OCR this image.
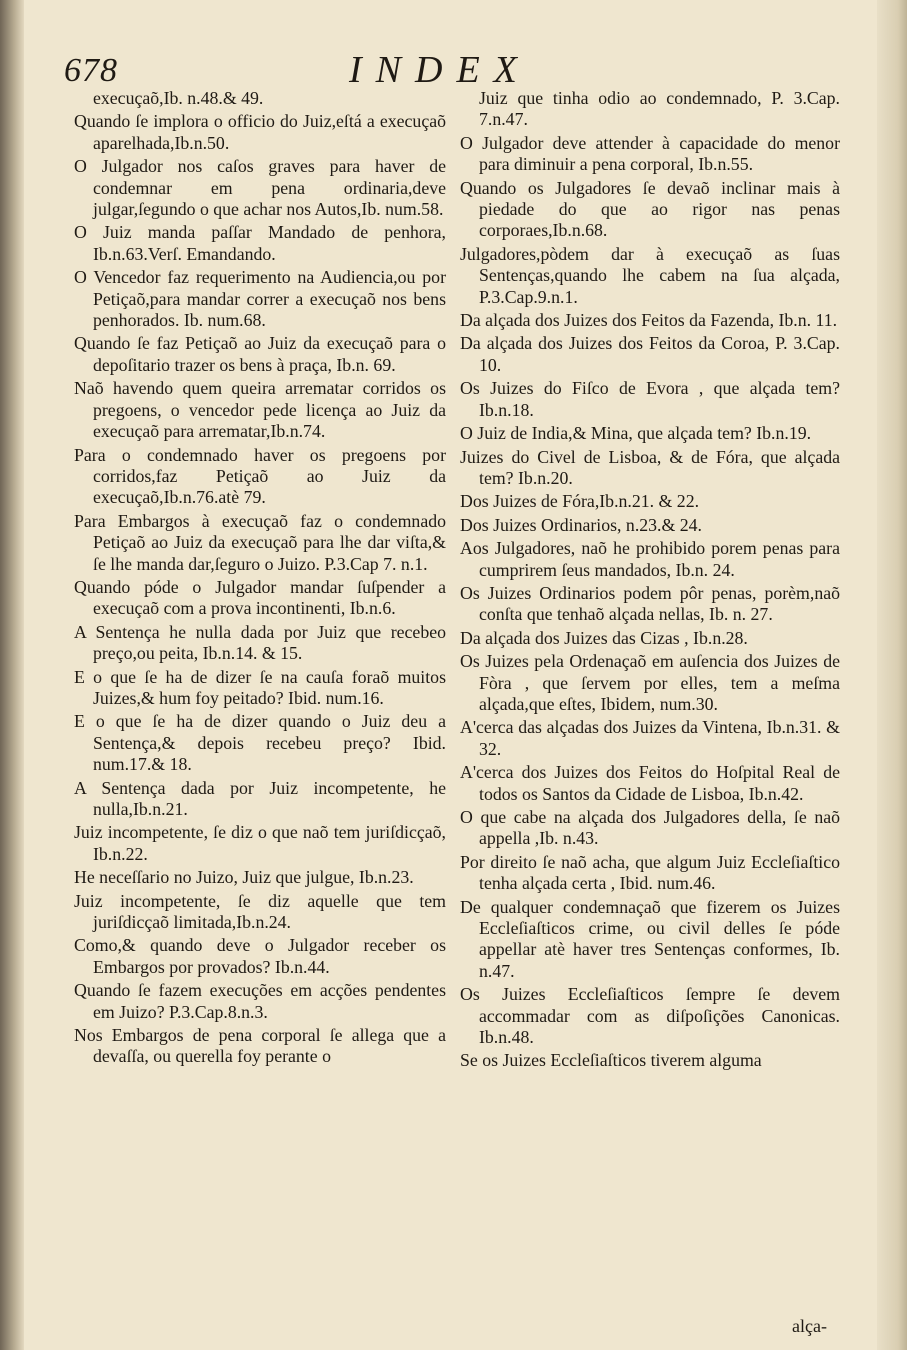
678	INDEX
execuçaõ,Ib. n.48.& 49.
Quando ſe implora o officio do Juiz,eſtá a execuçaõ aparelhada,Ib.n.50.
O Julgador nos caſos graves para haver de condemnar em pena ordinaria,deve julgar,ſegundo o que achar nos Autos,Ib. num.58.
O Juiz manda paſſar Mandado de penhora, Ib.n.63.Verſ. Emandando.
O Vencedor faz requerimento na Audiencia,ou por Petiçaõ,para mandar correr a execuçaõ nos bens penhorados. Ib. num.68.
Quando ſe faz Petiçaõ ao Juiz da execuçaõ para o depoſitario trazer os bens à praça, Ib.n. 69.
Naõ havendo quem queira arrematar corridos os pregoens, o vencedor pede licença ao Juiz da execuçaõ para arrematar,Ib.n.74.
Para o condemnado haver os pregoens por corridos,faz Petiçaõ ao Juiz da execuçaõ,Ib.n.76.atè 79.
Para Embargos à execuçaõ faz o condemnado Petiçaõ ao Juiz da execuçaõ para lhe dar viſta,& ſe lhe manda dar,ſeguro o Juizo. P.3.Cap 7. n.1.
Quando póde o Julgador mandar ſuſpender a execuçaõ com a prova incontinenti, Ib.n.6.
A Sentença he nulla dada por Juiz que recebeo preço,ou peita, Ib.n.14. & 15.
E o que ſe ha de dizer ſe na cauſa foraõ muitos Juizes,& hum foy peitado? Ibid. num.16.
E o que ſe ha de dizer quando o Juiz deu a Sentença,& depois recebeu preço? Ibid. num.17.& 18.
A Sentença dada por Juiz incompetente, he nulla,Ib.n.21.
Juiz incompetente, ſe diz o que naõ tem juriſdicçaõ, Ib.n.22.
He neceſſario no Juizo, Juiz que julgue, Ib.n.23.
Juiz incompetente, ſe diz aquelle que tem juriſdicçaõ limitada,Ib.n.24.
Como,& quando deve o Julgador receber os Embargos por provados? Ib.n.44.
Quando ſe fazem execuções em acções pendentes em Juizo? P.3.Cap.8.n.3.
Nos Embargos de pena corporal ſe allega que a devaſſa, ou querella foy perante o
Juiz que tinha odio ao condemnado, P. 3.Cap. 7.n.47.
O Julgador deve attender à capacidade do menor para diminuir a pena corporal, Ib.n.55.
Quando os Julgadores ſe devaõ inclinar mais à piedade do que ao rigor nas penas corporaes,Ib.n.68.
Julgadores,pòdem dar à execuçaõ as ſuas Sentenças,quando lhe cabem na ſua alçada, P.3.Cap.9.n.1.
Da alçada dos Juizes dos Feitos da Fazenda, Ib.n. 11.
Da alçada dos Juizes dos Feitos da Coroa, P. 3.Cap. 10.
Os Juizes do Fiſco de Evora , que alçada tem? Ib.n.18.
O Juiz de India,& Mina, que alçada tem? Ib.n.19.
Juizes do Civel de Lisboa, & de Fóra, que alçada tem? Ib.n.20.
Dos Juizes de Fóra,Ib.n.21. & 22.
Dos Juizes Ordinarios, n.23.& 24.
Aos Julgadores, naõ he prohibido porem penas para cumprirem ſeus mandados, Ib.n. 24.
Os Juizes Ordinarios podem pôr penas, porèm,naõ conſta que tenhaõ alçada nellas, Ib. n. 27.
Da alçada dos Juizes das Cizas , Ib.n.28.
Os Juizes pela Ordenaçaõ em auſencia dos Juizes de Fòra , que ſervem por elles, tem a meſma alçada,que eſtes, Ibidem, num.30.
A'cerca das alçadas dos Juizes da Vintena, Ib.n.31. & 32.
A'cerca dos Juizes dos Feitos do Hoſpital Real de todos os Santos da Cidade de Lisboa, Ib.n.42.
O que cabe na alçada dos Julgadores della, ſe naõ appella ,Ib. n.43.
Por direito ſe naõ acha, que algum Juiz Eccleſiaſtico tenha alçada certa , Ibid. num.46.
De qualquer condemnaçaõ que fizerem os Juizes Eccleſiaſticos crime, ou civil delles ſe póde appellar atè haver tres Sentenças conformes, Ib. n.47.
Os Juizes Eccleſiaſticos ſempre ſe devem accommadar com as diſpoſições Canonicas. Ib.n.48.
Se os Juizes Eccleſiaſticos tiverem alguma
alça-
